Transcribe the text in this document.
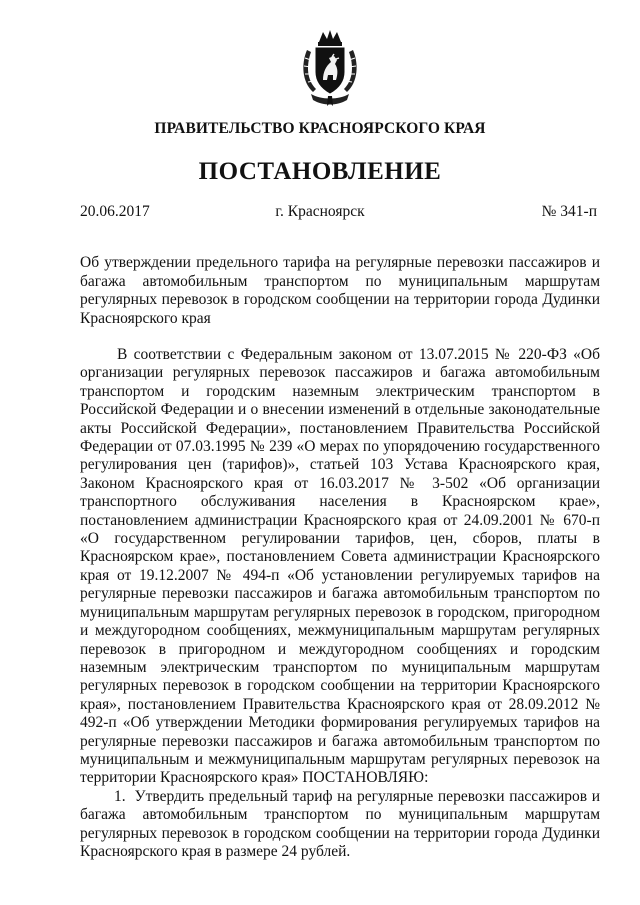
ПРАВИТЕЛЬСТВО КРАСНОЯРСКОГО КРАЯ
ПОСТАНОВЛЕНИЕ
20.06.2017	г. Красноярск	№ 341-п
Об утверждении предельного тарифа на регулярные перевозки пассажиров и багажа автомобильным транспортом по муниципальным маршрутам регулярных перевозок в городском сообщении на территории города Дудинки Красноярского края

В соответствии с Федеральным законом от 13.07.2015 № 220-ФЗ «Об организации регулярных перевозок пассажиров и багажа автомобильным транспортом и городским наземным электрическим транспортом в Российской Федерации и о внесении изменений в отдельные законодательные акты Российской Федерации», постановлением Правительства Российской Федерации от 07.03.1995 № 239 «О мерах по упорядочению государственного регулирования цен (тарифов)», статьей 103 Устава Красноярского края, Законом Красноярского края от 16.03.2017 № 3-502 «Об организации транспортного обслуживания населения в Красноярском крае», постановлением администрации Красноярского края от 24.09.2001 № 670-п «О государственном регулировании тарифов, цен, сборов, платы в Красноярском крае», постановлением Совета администрации Красноярского края от 19.12.2007 № 494-п «Об установлении регулируемых тарифов на регулярные перевозки пассажиров и багажа автомобильным транспортом по муниципальным маршрутам регулярных перевозок в городском, пригородном и междугородном сообщениях, межмуниципальным маршрутам регулярных перевозок в пригородном и междугородном сообщениях и городским наземным электрическим транспортом по муниципальным маршрутам регулярных перевозок в городском сообщении на территории Красноярского края», постановлением Правительства Красноярского края от 28.09.2012 № 492-п «Об утверждении Методики формирования регулируемых тарифов на регулярные перевозки пассажиров и багажа автомобильным транспортом по муниципальным и межмуниципальным маршрутам регулярных перевозок на территории Красноярского края» ПОСТАНОВЛЯЮ:

1. Утвердить предельный тариф на регулярные перевозки пассажиров и багажа автомобильным транспортом по муниципальным маршрутам регулярных перевозок в городском сообщении на территории города Дудинки Красноярского края в размере 24 рублей.
